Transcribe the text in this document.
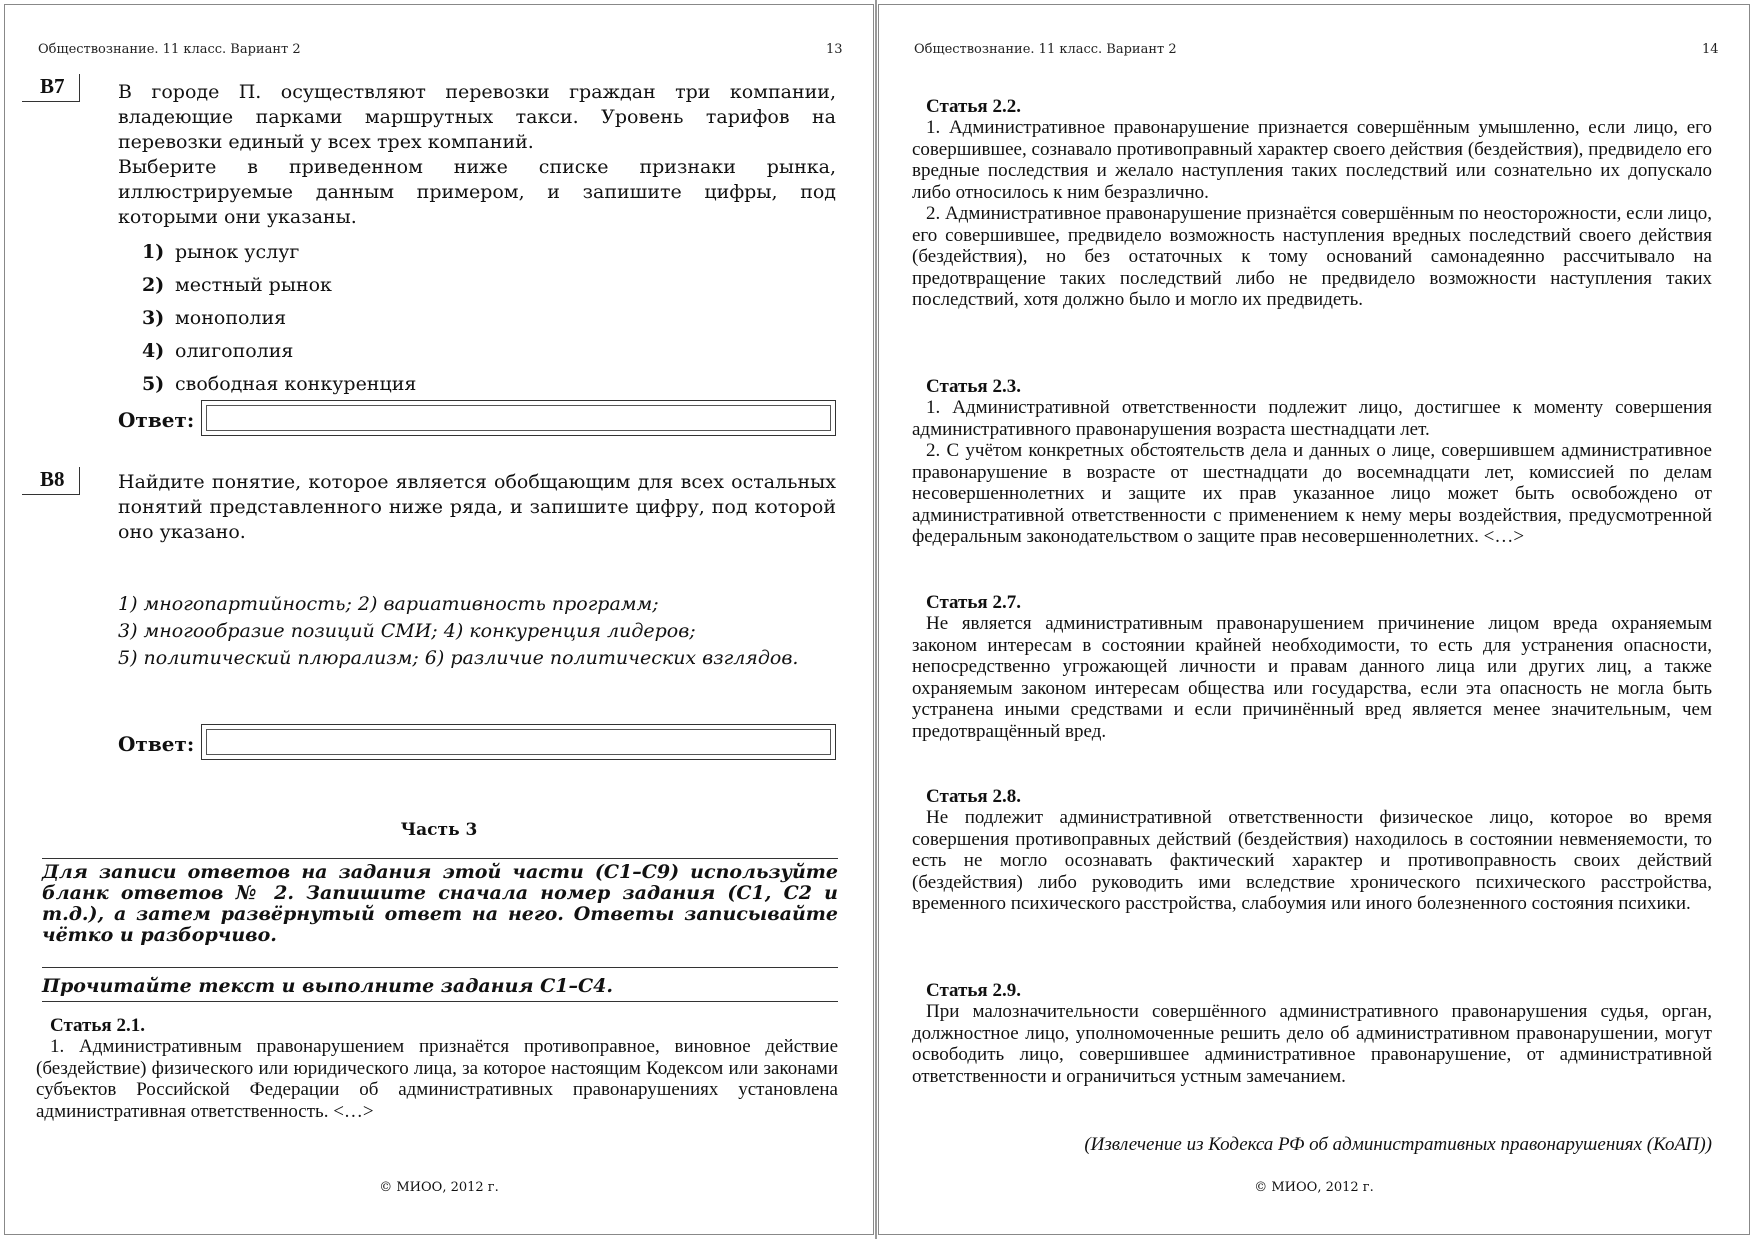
Обществознание. 11 класс. Вариант 2	13
B7	В городе П. осуществляют перевозки граждан три компании, владеющие парками маршрутных такси. Уровень тарифов на перевозки единый у всех трех компаний.

Выберите в приведенном ниже списке признаки рынка, иллюстрируемые данным примером, и запишите цифры, под которыми они указаны.

1) рынок услуг
2) местный рынок
3) монополия
4) олигополия
5) свободная конкуренция
Ответ:
B8	Найдите понятие, которое является обобщающим для всех остальных понятий представленного ниже ряда, и запишите цифру, под которой оно указано.
1) многопартийность; 2) вариативность программ;
3) многообразие позиций СМИ; 4) конкуренция лидеров;
5) политический плюрализм; 6) различие политических взглядов.
Ответ:
Часть 3
Для записи ответов на задания этой части (С1–С9) используйте бланк ответов № 2. Запишите сначала номер задания (С1, С2 и т.д.), а затем развёрнутый ответ на него. Ответы записывайте чётко и разборчиво.
Прочитайте текст и выполните задания С1–С4.

Статья 2.1.

1. Административным правонарушением признаётся противоправное, виновное действие (бездействие) физического или юридического лица, за которое настоящим Кодексом или законами субъектов Российской Федерации об административных правонарушениях установлена административная ответственность. <…>

© МИОО, 2012 г.
Обществознание. 11 класс. Вариант 2	14

Статья 2.2.

1. Административное правонарушение признается совершённым умышленно, если лицо, его совершившее, сознавало противоправный характер своего действия (бездействия), предвидело его вредные последствия и желало наступления таких последствий или сознательно их допускало либо относилось к ним безразлично.

2. Административное правонарушение признаётся совершённым по неосторожности, если лицо, его совершившее, предвидело возможность наступления вредных последствий своего действия (бездействия), но без остаточных к тому оснований самонадеянно рассчитывало на предотвращение таких последствий либо не предвидело возможности наступления таких последствий, хотя должно было и могло их предвидеть.

Статья 2.3.

1. Административной ответственности подлежит лицо, достигшее к моменту совершения административного правонарушения возраста шестнадцати лет.

2. С учётом конкретных обстоятельств дела и данных о лице, совершившем административное правонарушение в возрасте от шестнадцати до восемнадцати лет, комиссией по делам несовершеннолетних и защите их прав указанное лицо может быть освобождено от административной ответственности с применением к нему меры воздействия, предусмотренной федеральным законодательством о защите прав несовершеннолетних. <…>

Статья 2.7.

Не является административным правонарушением причинение лицом вреда охраняемым законом интересам в состоянии крайней необходимости, то есть для устранения опасности, непосредственно угрожающей личности и правам данного лица или других лиц, а также охраняемым законом интересам общества или государства, если эта опасность не могла быть устранена иными средствами и если причинённый вред является менее значительным, чем предотвращённый вред.

Статья 2.8.

Не подлежит административной ответственности физическое лицо, которое во время совершения противоправных действий (бездействия) находилось в состоянии невменяемости, то есть не могло осознавать фактический характер и противоправность своих действий (бездействия) либо руководить ими вследствие хронического психического расстройства, временного психического расстройства, слабоумия или иного болезненного состояния психики.

Статья 2.9.

При малозначительности совершённого административного правонарушения судья, орган, должностное лицо, уполномоченные решить дело об административном правонарушении, могут освободить лицо, совершившее административное правонарушение, от административной ответственности и ограничиться устным замечанием.

(Извлечение из Кодекса РФ об административных правонарушениях (КоАП))
© МИОО, 2012 г.
